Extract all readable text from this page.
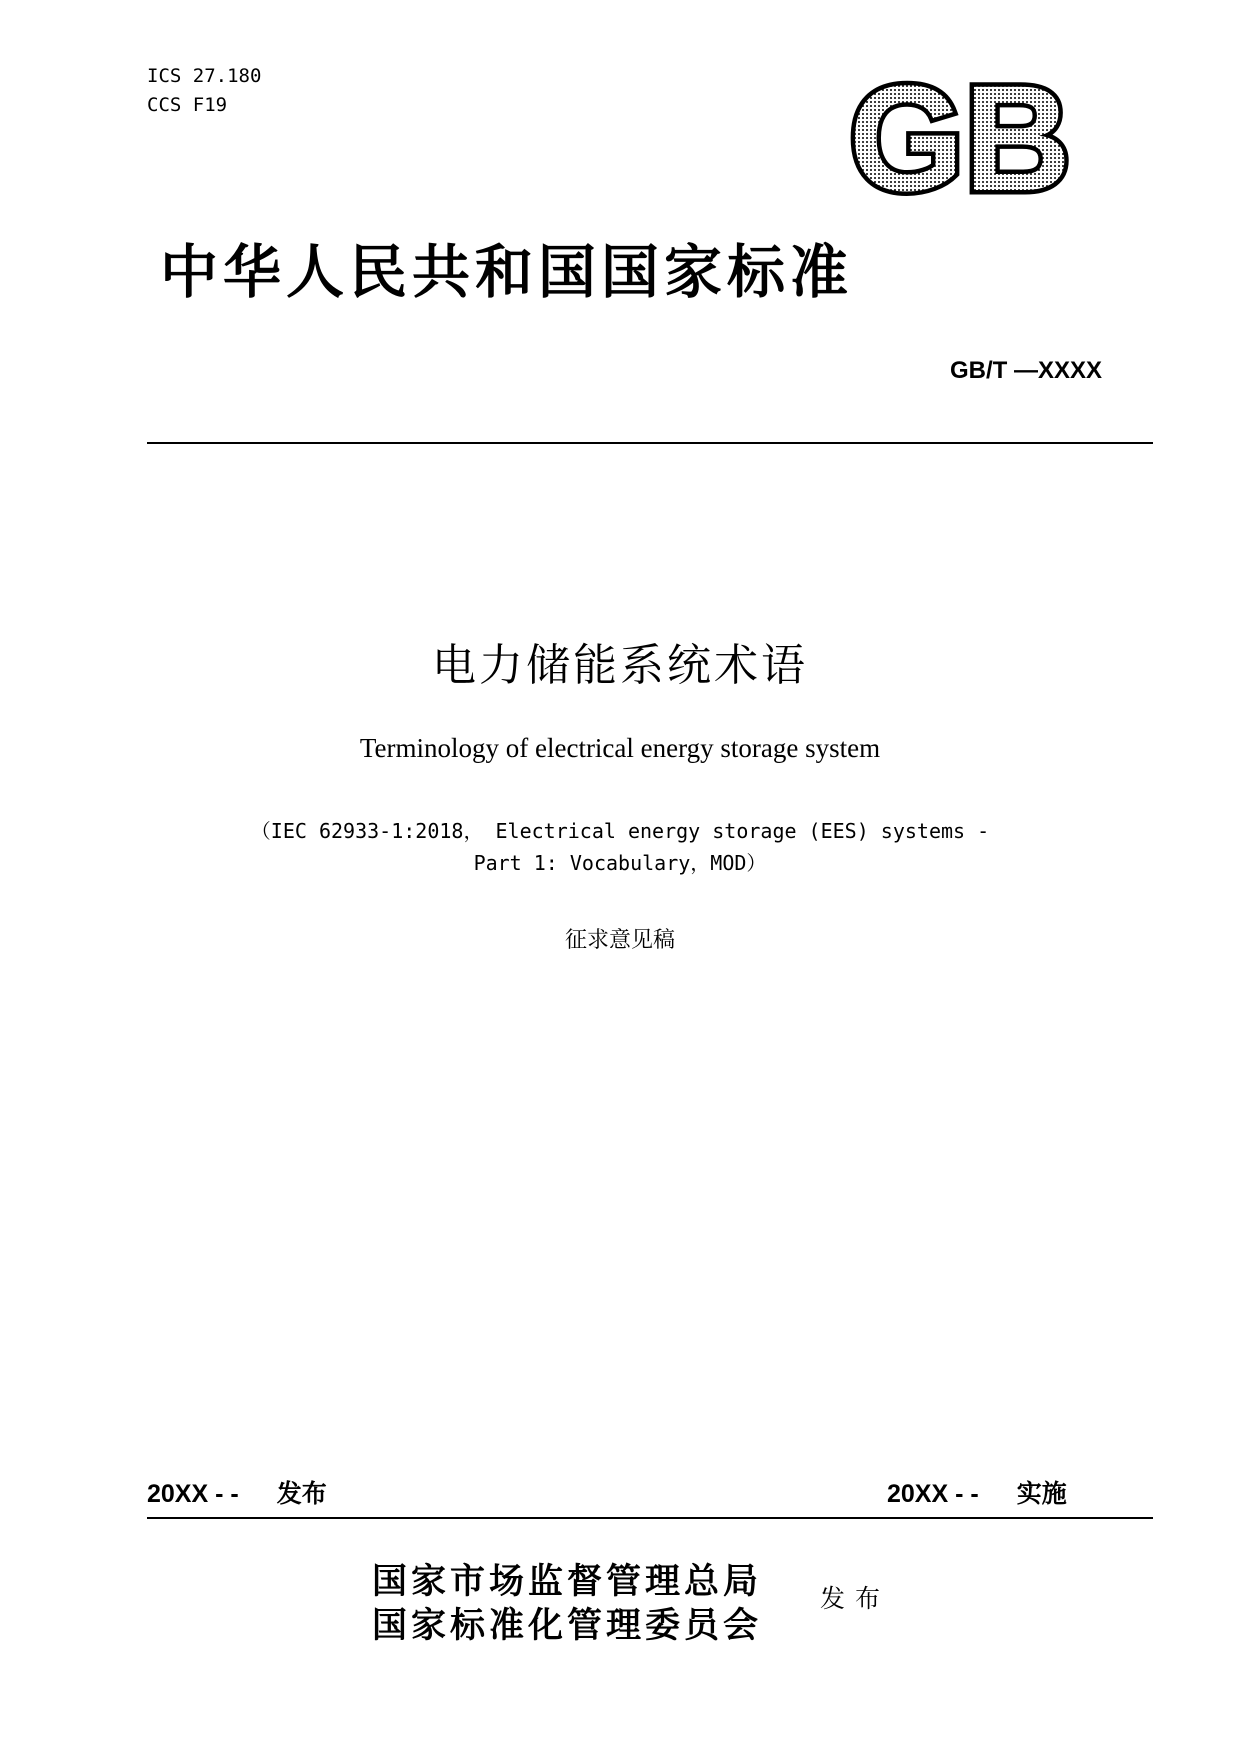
ICS 27.180
CCS F19	GB
中华人民共和国国家标准
GB/T —XXXX
电力储能系统术语
Terminology of electrical energy storage system
（IEC 62933-1:2018， Electrical energy storage (EES) systems -
Part 1: Vocabulary，MOD）
征求意见稿
20XX - - 发布	20XX - - 实施
国家市场监督管理总局
国家标准化管理委员会
发布
